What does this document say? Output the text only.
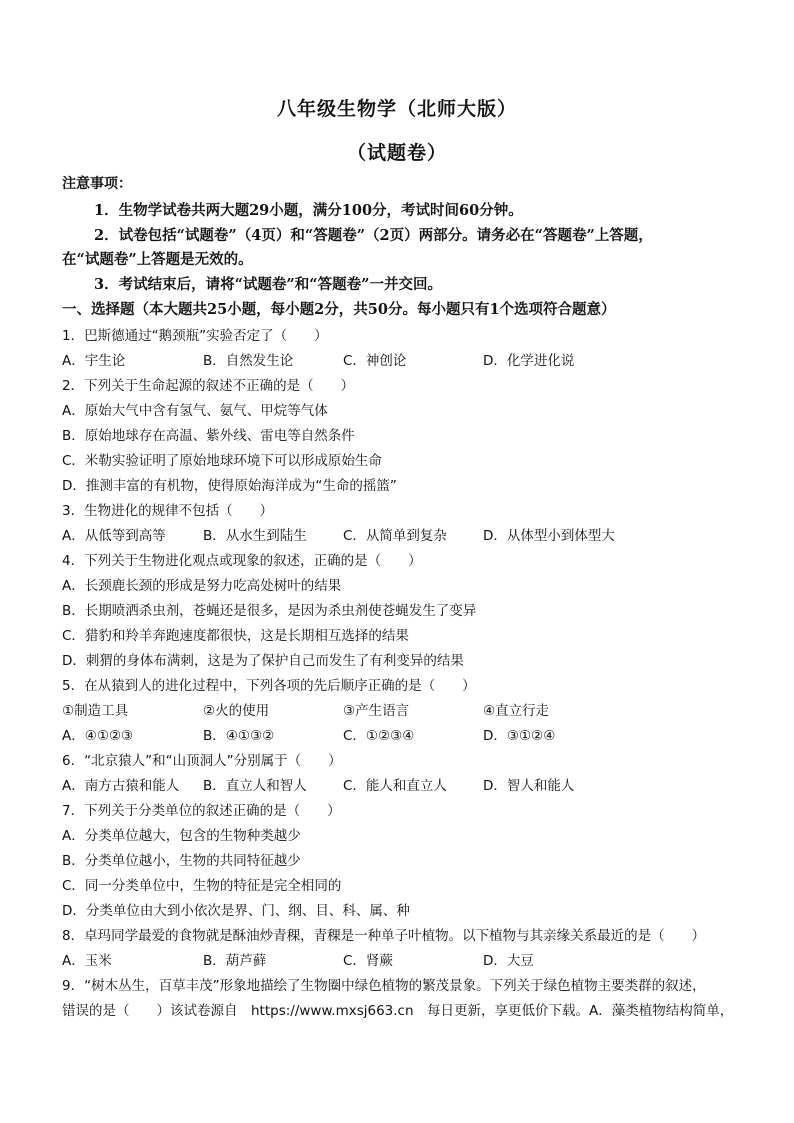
八年级生物学（北师大版）
（试题卷）
注意事项：
1．生物学试卷共两大题29小题，满分100分，考试时间60分钟。
2．试卷包括“试题卷”（4页）和“答题卷”（2页）两部分。请务必在“答题卷”上答题，
在“试题卷”上答题是无效的。
3．考试结束后，请将“试题卷”和“答题卷”一并交回。
一、选择题（本大题共25小题，每小题2分，共50分。每小题只有1个选项符合题意）
1．巴斯德通过“鹅颈瓶”实验否定了（　　）
A．宇生论	B．自然发生论	C．神创论	D．化学进化说
2．下列关于生命起源的叙述不正确的是（　　）
A．原始大气中含有氢气、氨气、甲烷等气体
B．原始地球存在高温、紫外线、雷电等自然条件
C．米勒实验证明了原始地球环境下可以形成原始生命
D．推测丰富的有机物，使得原始海洋成为“生命的摇篮”
3．生物进化的规律不包括（　　）
A．从低等到高等	B．从水生到陆生	C．从简单到复杂	D．从体型小到体型大
4．下列关于生物进化观点或现象的叙述，正确的是（　　）
A．长颈鹿长颈的形成是努力吃高处树叶的结果
B．长期喷洒杀虫剂，苍蝇还是很多，是因为杀虫剂使苍蝇发生了变异
C．猎豹和羚羊奔跑速度都很快，这是长期相互选择的结果
D．刺猬的身体布满刺，这是为了保护自己而发生了有利变异的结果
5．在从猿到人的进化过程中，下列各项的先后顺序正确的是（　　）
①制造工具	②火的使用	③产生语言	④直立行走
A．④①②③	B．④①③②	C．①②③④	D．③①②④
6．“北京猿人”和“山顶洞人”分别属于（　　）
A．南方古猿和能人 B．直立人和智人	C．能人和直立人	D．智人和能人
7．下列关于分类单位的叙述正确的是（　　）
A．分类单位越大，包含的生物种类越少
B．分类单位越小，生物的共同特征越少
C．同一分类单位中，生物的特征是完全相同的
D．分类单位由大到小依次是界、门、纲、目、科、属、种
8．卓玛同学最爱的食物就是酥油炒青稞，青稞是一种单子叶植物。以下植物与其亲缘关系最近的是（　　）
A．玉米	B．葫芦藓	C．肾蕨	D．大豆
9．“树木丛生，百草丰茂”形象地描绘了生物圈中绿色植物的繁茂景象。下列关于绿色植物主要类群的叙述，
错误的是（　　）该试卷源自　https://www.mxsj663.cn　每日更新，享更低价下载。A．藻类植物结构简单，
